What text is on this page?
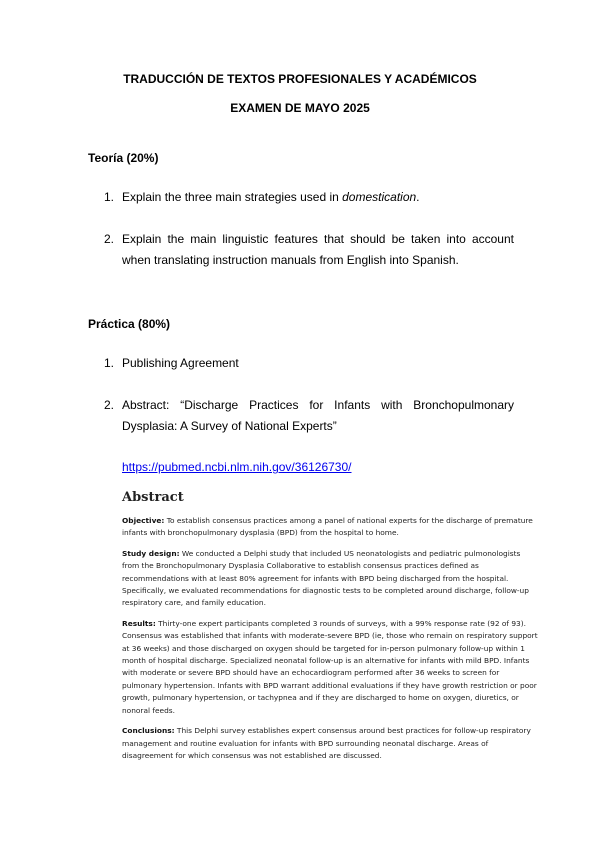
TRADUCCIÓN DE TEXTOS PROFESIONALES Y ACADÉMICOS
EXAMEN DE MAYO 2025
Teoría (20%)
1. Explain the three main strategies used in domestication.
2. Explain the main linguistic features that should be taken into account when translating instruction manuals from English into Spanish.
Práctica (80%)
1. Publishing Agreement
2. Abstract: “Discharge Practices for Infants with Bronchopulmonary Dysplasia: A Survey of National Experts”
https://pubmed.ncbi.nlm.nih.gov/36126730/
Abstract

Objective: To establish consensus practices among a panel of national experts for the discharge of premature infants with bronchopulmonary dysplasia (BPD) from the hospital to home.

Study design: We conducted a Delphi study that included US neonatologists and pediatric pulmonologists from the Bronchopulmonary Dysplasia Collaborative to establish consensus practices defined as recommendations with at least 80% agreement for infants with BPD being discharged from the hospital. Specifically, we evaluated recommendations for diagnostic tests to be completed around discharge, follow-up respiratory care, and family education.

Results: Thirty-one expert participants completed 3 rounds of surveys, with a 99% response rate (92 of 93). Consensus was established that infants with moderate-severe BPD (ie, those who remain on respiratory support at 36 weeks) and those discharged on oxygen should be targeted for in-person pulmonary follow-up within 1 month of hospital discharge. Specialized neonatal follow-up is an alternative for infants with mild BPD. Infants with moderate or severe BPD should have an echocardiogram performed after 36 weeks to screen for pulmonary hypertension. Infants with BPD warrant additional evaluations if they have growth restriction or poor growth, pulmonary hypertension, or tachypnea and if they are discharged to home on oxygen, diuretics, or nonoral feeds.

Conclusions: This Delphi survey establishes expert consensus around best practices for follow-up respiratory management and routine evaluation for infants with BPD surrounding neonatal discharge. Areas of disagreement for which consensus was not established are discussed.
